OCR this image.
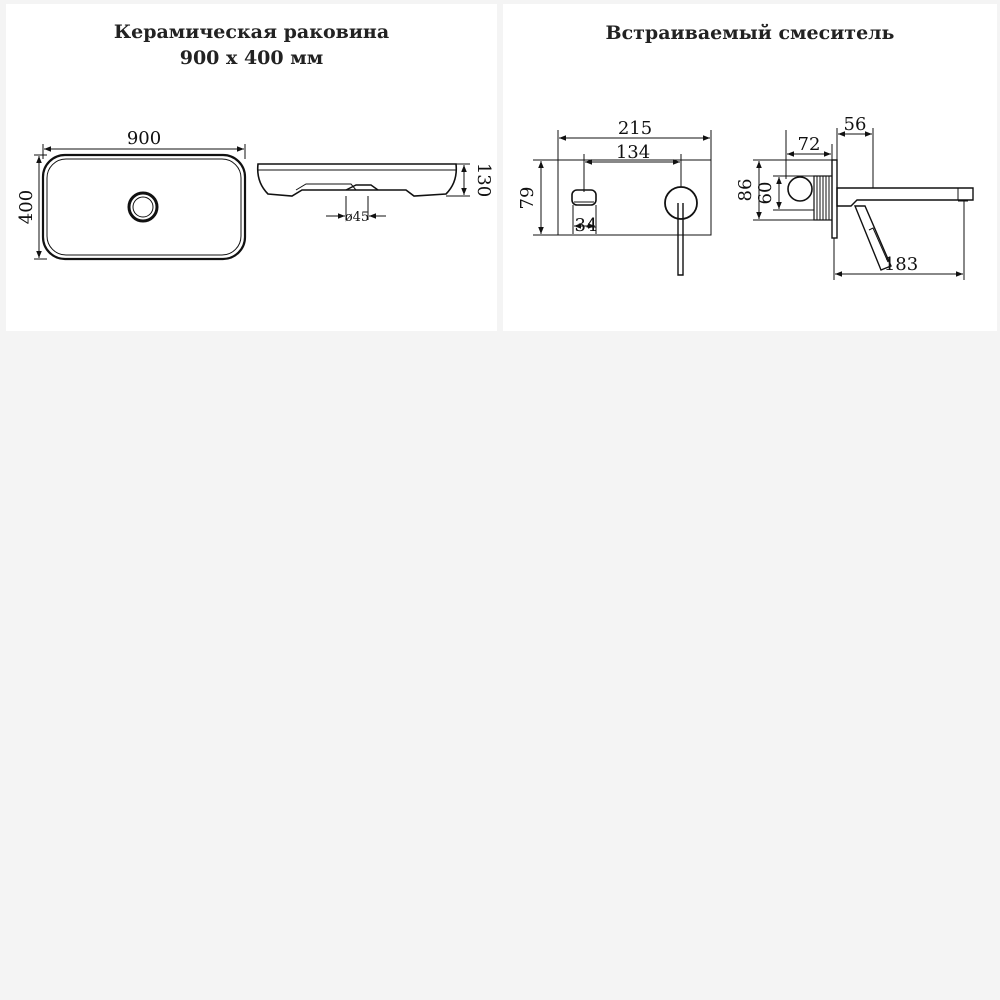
Керамическая раковина
900 x 400 мм
900
400
130
ø45
Встраиваемый смеситель
215
134
79
34
72
56
86 60
183
